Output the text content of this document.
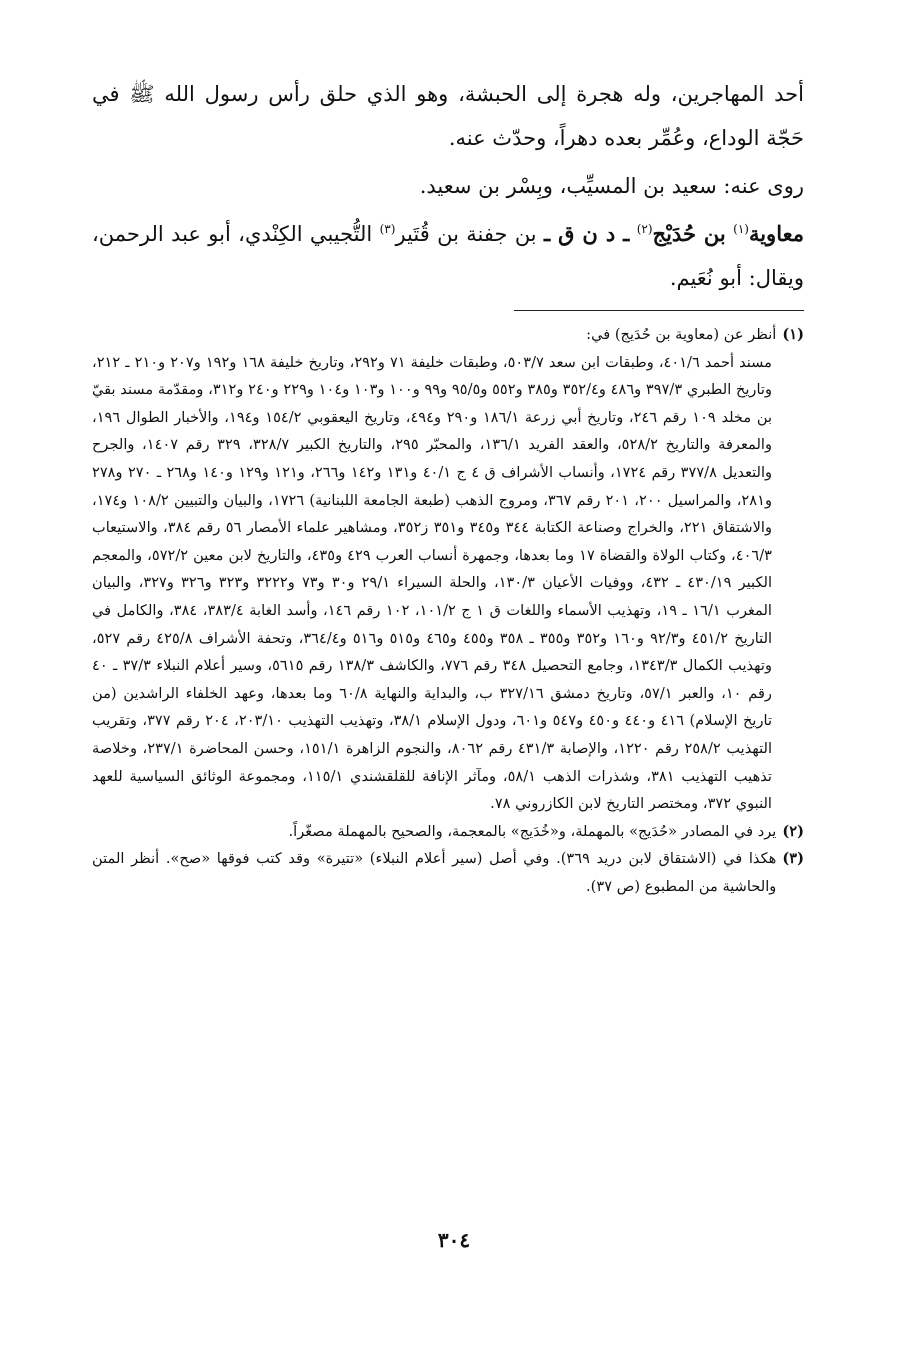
أحد المهاجرين، وله هجرة إلى الحبشة، وهو الذي حلق رأس رسول الله ﷺ في حَجّة الوداع، وعُمِّر بعده دهراً، وحدّث عنه.

روى عنه: سعيد بن المسيِّب، وبِسْر بن سعيد.

معاوية$^{(١)}$ بن حُدَيْج$^{(٢)}$ ـ د ن ق ـ بن جفنة بن قُتَير$^{(٣)}$ التُّجيبي الكِنْدي، أبو عبد الرحمن، ويقال: أبو نُعَيم.

(١)
أنظر عن (معاوية بن حُدَيج) في:
مسند أحمد ٤٠١/٦، وطبقات ابن سعد ٥٠٣/٧، وطبقات خليفة ٧١ و٢٩٢، وتاريخ خليفة ١٦٨ و١٩٢ و٢٠٧ و٢١٠ ـ ٢١٢، وتاريخ الطبري ٣٩٧/٣ و٤٨٦ و٣٥٢/٤ و٣٨٥ و٥٥٢ و٩٥/٥ و٩٩ و١٠٠ و١٠٣ و١٠٤ و٢٢٩ و٢٤٠ و٣١٢، ومقدّمة مسند بقيّ بن مخلد ١٠٩ رقم ٢٤٦، وتاريخ أبي زرعة ١٨٦/١ و٢٩٠ و٤٩٤، وتاريخ اليعقوبي ١٥٤/٢ و١٩٤، والأخبار الطوال ١٩٦، والمعرفة والتاريخ ٥٢٨/٢، والعقد الفريد ١٣٦/١، والمحبّر ٢٩٥، والتاريخ الكبير ٣٢٨/٧، ٣٢٩ رقم ١٤٠٧، والجرح والتعديل ٣٧٧/٨ رقم ١٧٢٤، وأنساب الأشراف ق ٤ ج ٤٠/١ و١٣١ و١٤٢ و٢٦٦، و١٢١ و١٢٩ و١٤٠ و٢٦٨ ـ ٢٧٠ و٢٧٨ و٢٨١، والمراسيل ٢٠٠، ٢٠١ رقم ٣٦٧، ومروج الذهب (طبعة الجامعة اللبنانية) ١٧٢٦، والبيان والتبيين ١٠٨/٢ و١٧٤، والاشتقاق ٢٢١، والخراج وصناعة الكتابة ٣٤٤ و٣٤٥ و٣٥١ ز٣٥٢، ومشاهير علماء الأمصار ٥٦ رقم ٣٨٤، والاستيعاب ٤٠٦/٣، وكتاب الولاة والقضاة ١٧ وما بعدها، وجمهرة أنساب العرب ٤٢٩ و٤٣٥، والتاريخ لابن معين ٥٧٢/٢، والمعجم الكبير ٤٣٠/١٩ ـ ٤٣٢، ووفيات الأعيان ١٣٠/٣، والحلة السيراء ٢٩/١ و٣٠ و٧٣ و٣٢٢٢ و٣٢٣ و٣٢٦ و٣٢٧، والبيان المغرب ١٦/١ ـ ١٩، وتهذيب الأسماء واللغات ق ١ ج ١٠١/٢، ١٠٢ رقم ١٤٦، وأسد الغابة ٣٨٣/٤، ٣٨٤، والكامل في التاريخ ٤٥١/٢ و٩٢/٣ و١٦٠ و٣٥٢ و٣٥٥ ـ ٣٥٨ و٤٥٥ و٤٦٥ و٥١٥ و٥١٦ و٣٦٤/٤، وتحفة الأشراف ٤٢٥/٨ رقم ٥٢٧، وتهذيب الكمال ١٣٤٣/٣، وجامع التحصيل ٣٤٨ رقم ٧٧٦، والكاشف ١٣٨/٣ رقم ٥٦١٥، وسير أعلام النبلاء ٣٧/٣ ـ ٤٠ رقم ١٠، والعبر ٥٧/١، وتاريخ دمشق ٣٢٧/١٦ ب، والبداية والنهاية ٦٠/٨ وما بعدها، وعهد الخلفاء الراشدين (من تاريخ الإسلام) ٤١٦ و٤٤٠ و٤٥٠ و٥٤٧ و٦٠١، ودول الإسلام ٣٨/١، وتهذيب التهذيب ٢٠٣/١٠، ٢٠٤ رقم ٣٧٧، وتقريب التهذيب ٢٥٨/٢ رقم ١٢٢٠، والإصابة ٤٣١/٣ رقم ٨٠٦٢، والنجوم الزاهرة ١٥١/١، وحسن المحاضرة ٢٣٧/١، وخلاصة تذهيب التهذيب ٣٨١، وشذرات الذهب ٥٨/١، ومآثر الإنافة للقلقشندي ١١٥/١، ومجموعة الوثائق السياسية للعهد النبوي ٣٧٢، ومختصر التاريخ لابن الكازروني ٧٨.
(٢)
يرد في المصادر «حُدَيج» بالمهملة، و«خُدَيج» بالمعجمة، والصحيح بالمهملة مصغّراً.
(٣)
هكذا في (الاشتقاق لابن دريد ٣٦٩). وفي أصل (سير أعلام النبلاء) «تتيرة» وقد كتب فوقها «صح». أنظر المتن والحاشية من المطبوع (ص ٣٧).
٣٠٤
